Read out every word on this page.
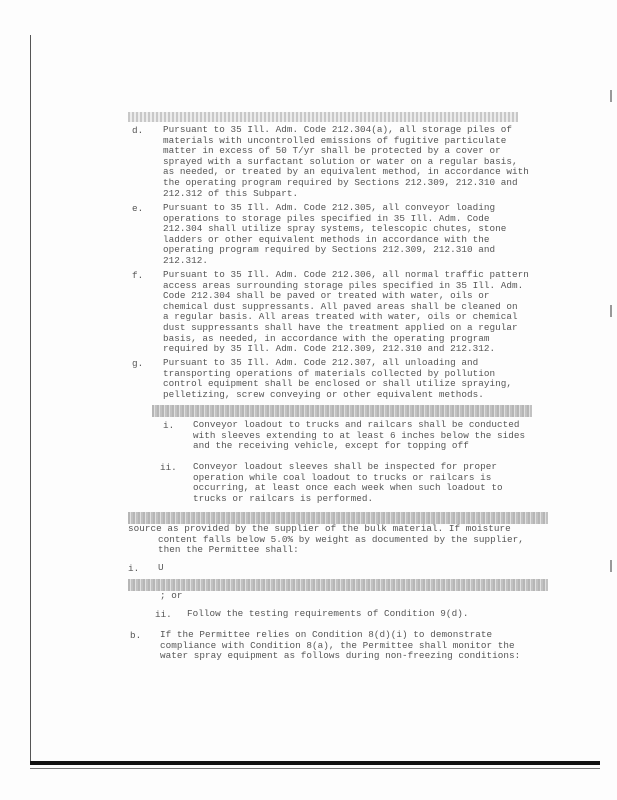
d. Pursuant to 35 Ill. Adm. Code 212.304(a), all storage piles of
materials with uncontrolled emissions of fugitive particulate
matter in excess of 50 T/yr shall be protected by a cover or
sprayed with a surfactant solution or water on a regular basis,
as needed, or treated by an equivalent method, in accordance with
the operating program required by Sections 212.309, 212.310 and
212.312 of this Subpart.
e. Pursuant to 35 Ill. Adm. Code 212.305, all conveyor loading
operations to storage piles specified in 35 Ill. Adm. Code
212.304 shall utilize spray systems, telescopic chutes, stone
ladders or other equivalent methods in accordance with the
operating program required by Sections 212.309, 212.310 and
212.312.
f. Pursuant to 35 Ill. Adm. Code 212.306, all normal traffic pattern
access areas surrounding storage piles specified in 35 Ill. Adm.
Code 212.304 shall be paved or treated with water, oils or
chemical dust suppressants. All paved areas shall be cleaned on
a regular basis. All areas treated with water, oils or chemical
dust suppressants shall have the treatment applied on a regular
basis, as needed, in accordance with the operating program
required by 35 Ill. Adm. Code 212.309, 212.310 and 212.312.
g. Pursuant to 35 Ill. Adm. Code 212.307, all unloading and
transporting operations of materials collected by pollution
control equipment shall be enclosed or shall utilize spraying,
pelletizing, screw conveying or other equivalent methods.
i. Conveyor loadout to trucks and railcars shall be conducted
with sleeves extending to at least 6 inches below the sides
and the receiving vehicle, except for topping off
ii. Conveyor loadout sleeves shall be inspected for proper
operation while coal loadout to trucks or railcars is
occurring, at least once each week when such loadout to
trucks or railcars is performed.
source as provided by the supplier of the bulk material. If moisture
content falls below 5.0% by weight as documented by the supplier,
then the Permittee shall:
i. U
; or
ii. Follow the testing requirements of Condition 9(d).
b. If the Permittee relies on Condition 8(d)(i) to demonstrate
compliance with Condition 8(a), the Permittee shall monitor the
water spray equipment as follows during non-freezing conditions:
